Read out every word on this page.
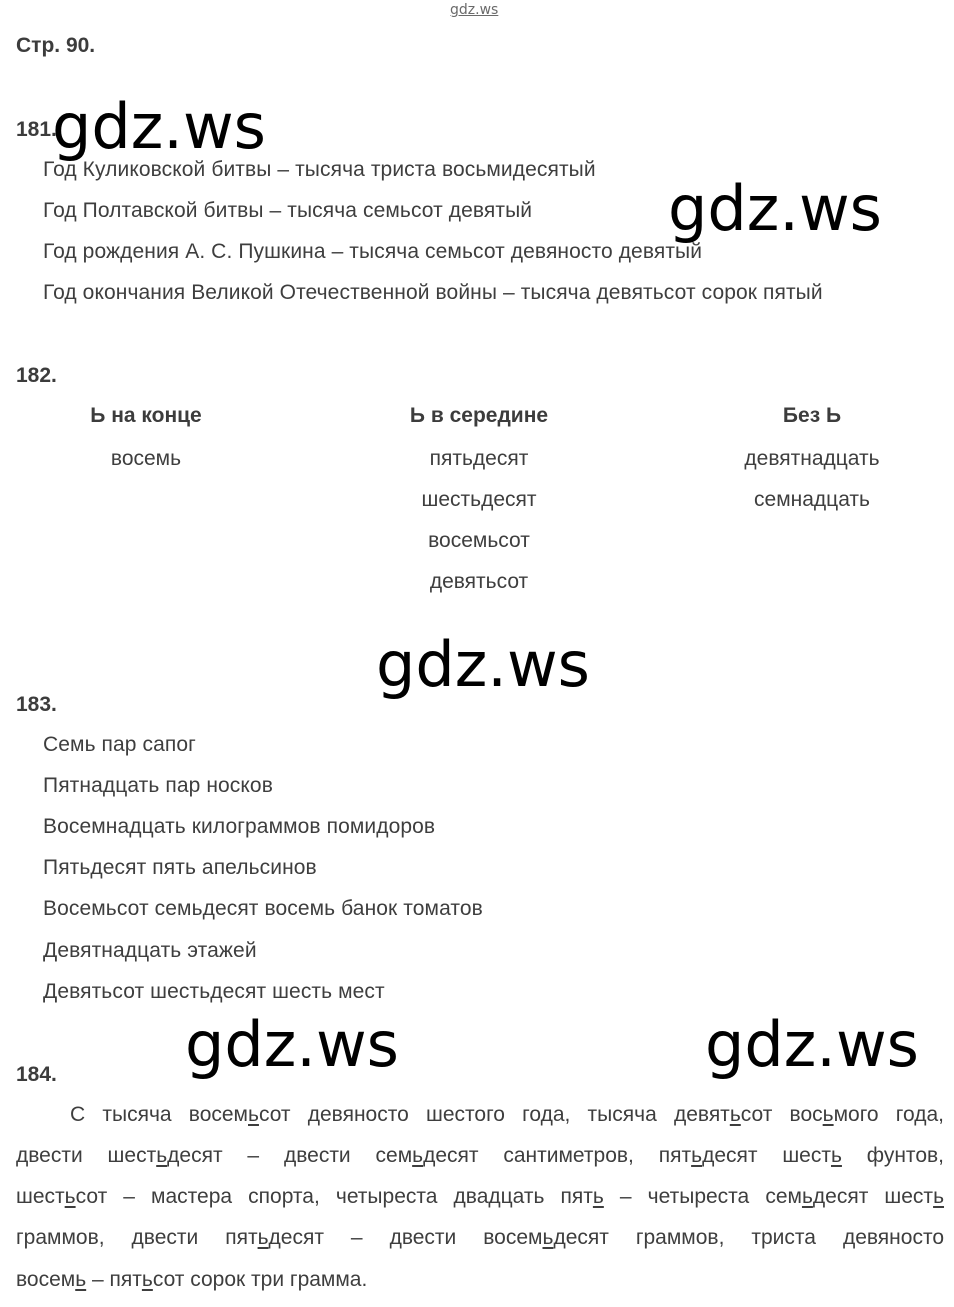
gdz.ws
Стр. 90.
181.
Год Куликовской битвы – тысяча триста восьмидесятый
Год Полтавской битвы – тысяча семьсот девятый
Год рождения А. С. Пушкина – тысяча семьсот девяносто девятый
Год окончания Великой Отечественной войны – тысяча девятьсот сорок пятый
182.
Ь на конце
восемь
Ь в середине
пятьдесят
шестьдесят
восемьсот
девятьсот
Без Ь
девятнадцать
семнадцать
183.
Семь пар сапог
Пятнадцать пар носков
Восемнадцать килограммов помидоров
Пятьдесят пять апельсинов
Восемьсот семьдесят восемь банок томатов
Девятнадцать этажей
Девятьсот шестьдесят шесть мест
184.
С тысяча восемьсот девяносто шестого года, тысяча девятьсот восьмого года,
двести шестьдесят – двести семьдесят сантиметров, пятьдесят шесть фунтов,
шестьсот – мастера спорта, четыреста двадцать пять – четыреста семьдесят шесть
граммов, двести пятьдесят – двести восемьдесят граммов, триста девяносто
восемь – пятьсот сорок три грамма.
gdz.ws
gdz.ws
gdz.ws
gdz.ws	gdz.ws
